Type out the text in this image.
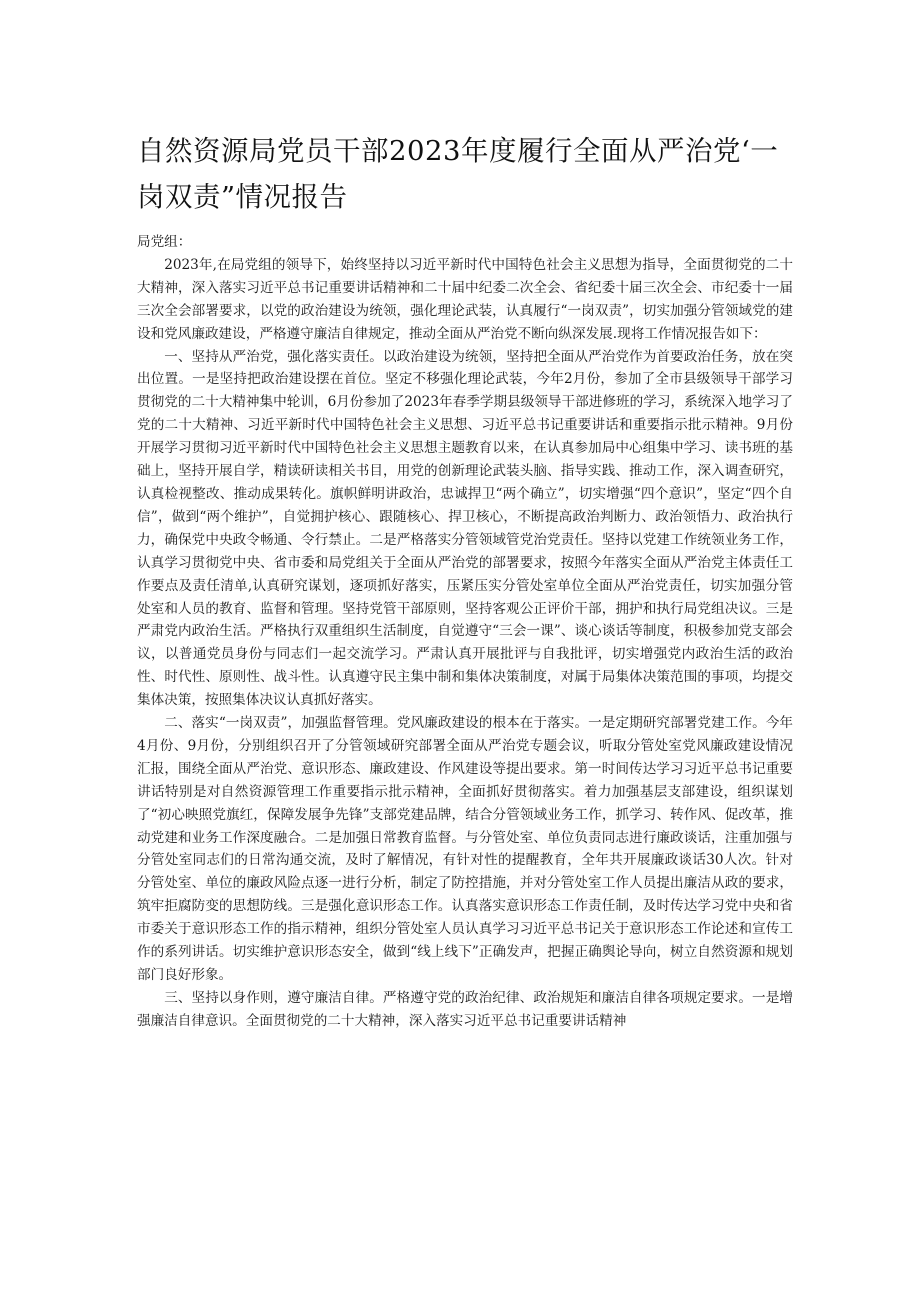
自然资源局党员干部2023年度履行全面从严治党‘一岗双责”情况报告

局党组：

2023年,在局党组的领导下，始终坚持以习近平新时代中国特色社会主义思想为指导，全面贯彻党的二十大精神，深入落实习近平总书记重要讲话精神和二十届中纪委二次全会、省纪委十届三次全会、市纪委十一届三次全会部署要求，以党的政治建设为统领，强化理论武装，认真履行“一岗双责”，切实加强分管领域党的建设和党风廉政建设，严格遵守廉洁自律规定，推动全面从严治党不断向纵深发展.现将工作情况报告如下：

一、坚持从严治党，强化落实责任。以政治建设为统领，坚持把全面从严治党作为首要政治任务，放在突出位置。一是坚持把政治建设摆在首位。坚定不移强化理论武装，今年2月份，参加了全市县级领导干部学习贯彻党的二十大精神集中轮训，6月份参加了2023年春季学期县级领导干部进修班的学习，系统深入地学习了党的二十大精神、习近平新时代中国特色社会主义思想、习近平总书记重要讲话和重要指示批示精神。9月份开展学习贯彻习近平新时代中国特色社会主义思想主题教育以来，在认真参加局中心组集中学习、读书班的基础上，坚持开展自学，精读研读相关书目，用党的创新理论武装头脑、指导实践、推动工作，深入调查研究，认真检视整改、推动成果转化。旗帜鲜明讲政治，忠诚捍卫“两个确立”，切实增强“四个意识”，坚定“四个自信”，做到“两个维护”，自觉拥护核心、跟随核心、捍卫核心，不断提高政治判断力、政治领悟力、政治执行力，确保党中央政令畅通、令行禁止。二是严格落实分管领域管党治党责任。坚持以党建工作统领业务工作，认真学习贯彻党中央、省市委和局党组关于全面从严治党的部署要求，按照今年落实全面从严治党主体责任工作要点及责任清单,认真研究谋划，逐项抓好落实，压紧压实分管处室单位全面从严治党责任，切实加强分管处室和人员的教育、监督和管理。坚持党管干部原则，坚持客观公正评价干部，拥护和执行局党组决议。三是严肃党内政治生活。严格执行双重组织生活制度，自觉遵守“三会一课”、谈心谈话等制度，积极参加党支部会议，以普通党员身份与同志们一起交流学习。严肃认真开展批评与自我批评，切实增强党内政治生活的政治性、时代性、原则性、战斗性。认真遵守民主集中制和集体决策制度，对属于局集体决策范围的事项，均提交集体决策，按照集体决议认真抓好落实。

二、落实“一岗双责”，加强监督管理。党风廉政建设的根本在于落实。一是定期研究部署党建工作。今年4月份、9月份，分别组织召开了分管领域研究部署全面从严治党专题会议，听取分管处室党风廉政建设情况汇报，围绕全面从严治党、意识形态、廉政建设、作风建设等提出要求。第一时间传达学习习近平总书记重要讲话特别是对自然资源管理工作重要指示批示精神，全面抓好贯彻落实。着力加强基层支部建设，组织谋划了“初心映照党旗红，保障发展争先锋”支部党建品牌，结合分管领域业务工作，抓学习、转作风、促改革，推动党建和业务工作深度融合。二是加强日常教育监督。与分管处室、单位负责同志进行廉政谈话，注重加强与分管处室同志们的日常沟通交流，及时了解情况，有针对性的提醒教育，全年共开展廉政谈话30人次。针对分管处室、单位的廉政风险点逐一进行分析，制定了防控措施，并对分管处室工作人员提出廉洁从政的要求，筑牢拒腐防变的思想防线。三是强化意识形态工作。认真落实意识形态工作责任制，及时传达学习党中央和省市委关于意识形态工作的指示精神，组织分管处室人员认真学习习近平总书记关于意识形态工作论述和宣传工作的系列讲话。切实维护意识形态安全，做到“线上线下”正确发声，把握正确舆论导向，树立自然资源和规划部门良好形象。

三、坚持以身作则，遵守廉洁自律。严格遵守党的政治纪律、政治规矩和廉洁自律各项规定要求。一是增强廉洁自律意识。全面贯彻党的二十大精神，深入落实习近平总书记重要讲话精神
